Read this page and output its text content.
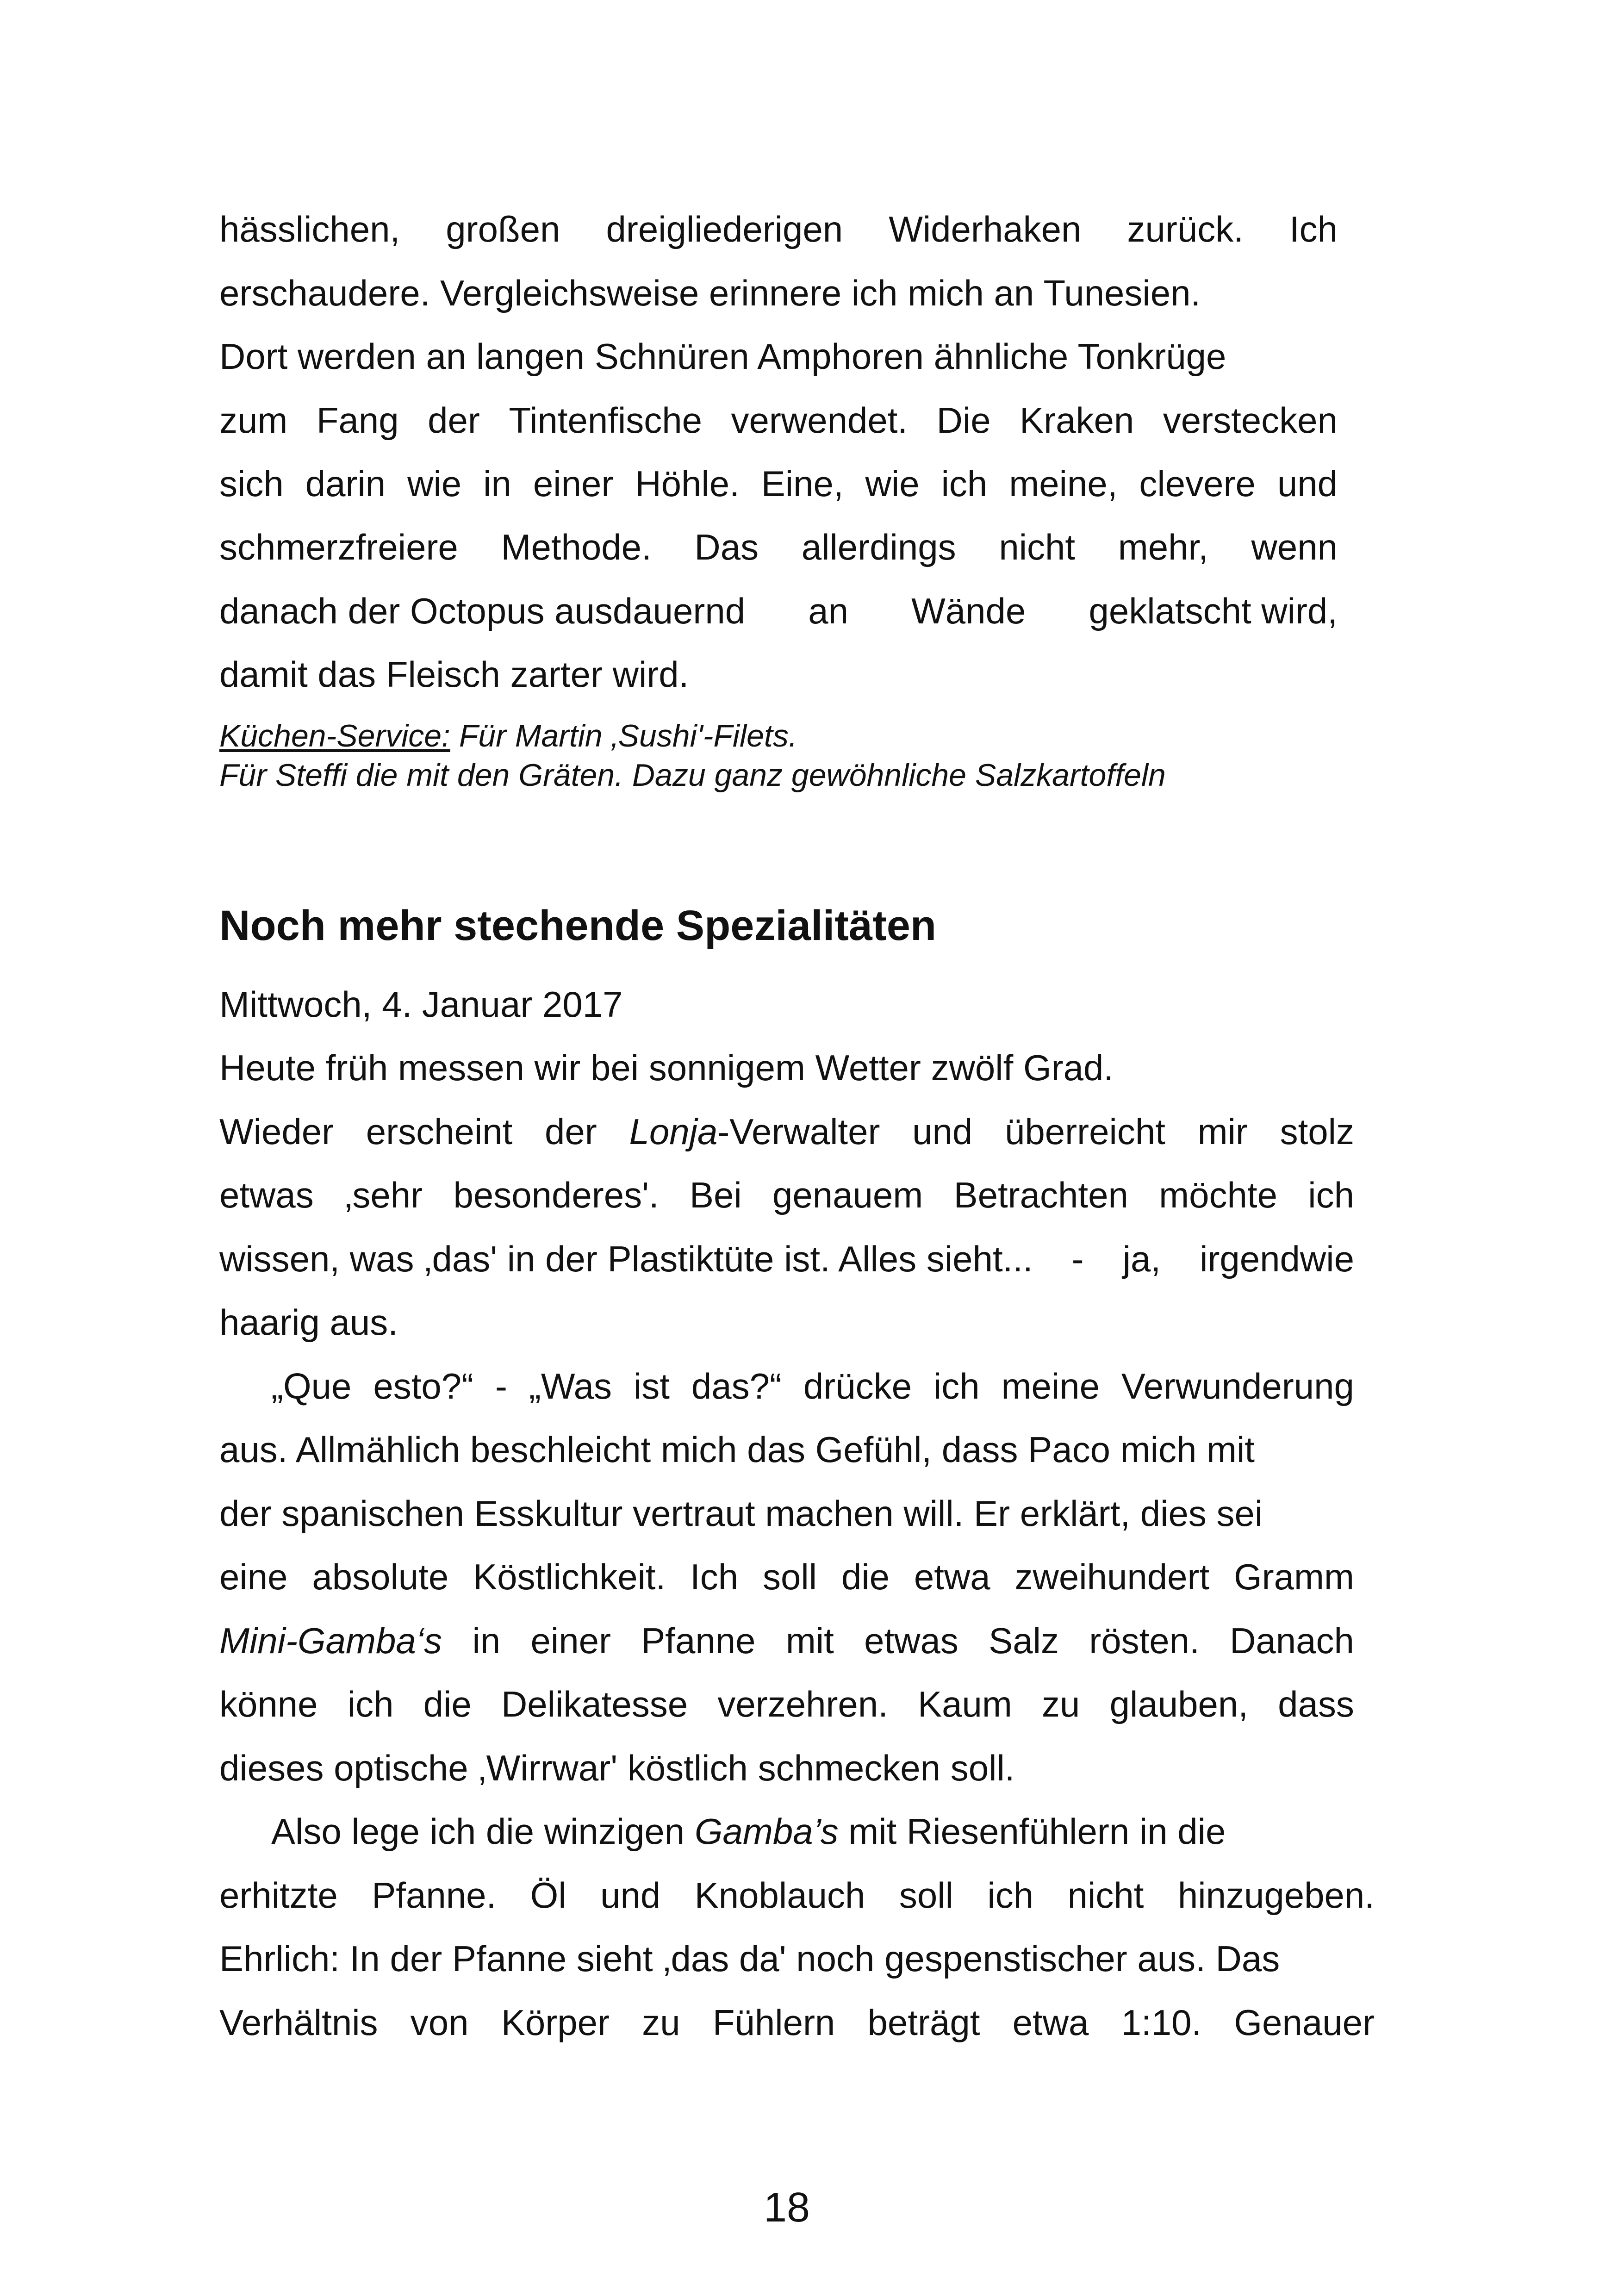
hässlichen, großen dreigliederigen Widerhaken zurück. Ich
erschaudere. Vergleichsweise erinnere ich mich an Tunesien.
Dort werden an langen Schnüren Amphoren ähnliche Tonkrüge
zum Fang der Tintenfische verwendet. Die Kraken verstecken
sich darin wie in einer Höhle. Eine, wie ich meine, clevere und
schmerzfreiere Methode. Das allerdings nicht mehr, wenn
danach der Octopus ausdauernd an Wände geklatscht wird,
damit das Fleisch zarter wird.
Küchen-Service: Für Martin ‚Sushi'-Filets.
Für Steffi die mit den Gräten. Dazu ganz gewöhnliche Salzkartoffeln
Noch mehr stechende Spezialitäten
Mittwoch, 4. Januar 2017
Heute früh messen wir bei sonnigem Wetter zwölf Grad.
Wieder erscheint der Lonja-Verwalter und überreicht mir stolz
etwas ‚sehr besonderes'. Bei genauem Betrachten möchte ich
wissen, was ‚das' in der Plastiktüte ist. Alles sieht... - ja, irgendwie
haarig aus.
„Que esto?“ - „Was ist das?“ drücke ich meine Verwunderung
aus. Allmählich beschleicht mich das Gefühl, dass Paco mich mit
der spanischen Esskultur vertraut machen will. Er erklärt, dies sei
eine absolute Köstlichkeit. Ich soll die etwa zweihundert Gramm
Mini-Gamba‘s in einer Pfanne mit etwas Salz rösten. Danach
könne ich die Delikatesse verzehren. Kaum zu glauben, dass
dieses optische ‚Wirrwar' köstlich schmecken soll.
Also lege ich die winzigen Gamba’s mit Riesenfühlern in die
erhitzte Pfanne. Öl und Knoblauch soll ich nicht hinzugeben.
Ehrlich: In der Pfanne sieht ‚das da' noch gespenstischer aus. Das
Verhältnis von Körper zu Fühlern beträgt etwa 1:10. Genauer
18
